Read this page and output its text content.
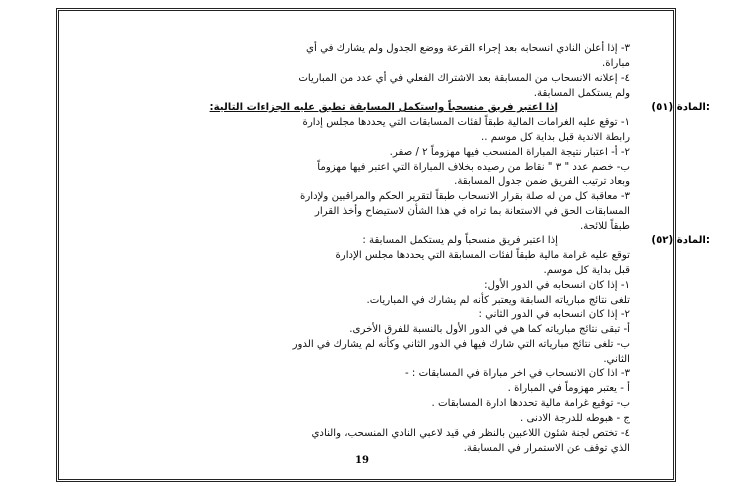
٣- إذا أعلن النادي انسحابه بعد إجراء القرعة ووضع الجدول ولم يشارك في أي
مباراة.
٤- إعلانه الانسحاب من المسابقة بعد الاشتراك الفعلي في أي عدد من المباريات
ولم يستكمل المسابقة.
إذا اعتبر فريق منسحباً واستكمل المسابقة تطبق عليه الجزاءات التالية:
١- توقع عليه الغرامات المالية طبقاً لفئات المسابقات التي يحددها مجلس إدارة
رابطة الاندية قبل بداية كل موسم ..
٢- أ- اعتبار نتيجة المباراة المنسحب فيها مهزوماً ٢ / صفر.
ب- خصم عدد " ٣ " نقاط من رصيده بخلاف المباراة التي اعتبر فيها مهزوماً
وبعاد ترتيب الفريق ضمن جدول المسابقة.
٣- معاقبة كل من له صلة بقرار الانسحاب طبقاً لتقرير الحكم والمراقبين ولإدارة
المسابقات الحق في الاستعانة بما تراه في هذا الشأن لاستيضاح وأخذ القرار
طبقاً للائحة.
إذا اعتبر فريق منسحباً ولم يستكمل المسابقة :
توقع عليه غرامة مالية طبقاً لفئات المسابقة التي يحددها مجلس الإدارة
قبل بداية كل موسم.
١- إذا كان انسحابه في الدور الأول:
تلغى نتائج مبارياته السابقة ويعتبر كأنه لم يشارك في المباريات.
٢- إذا كان انسحابه في الدور الثاني :
أ- تبقى نتائج مبارياته كما هي في الدور الأول بالنسبة للفرق الأخرى.
ب- تلغى نتائج مبارياته التي شارك فيها في الدور الثاني وكأنه لم يشارك في الدور
الثاني.
٣- اذا كان الانسحاب في اخر مباراة في المسابقات : -
أ - يعتبر مهزوماً في المباراة .
ب- توقيع غرامة مالية تحددها ادارة المسابقات .
ج - هبوطه للدرجة الادنى .
٤- تختص لجنة شئون اللاعبين بالنظر في قيد لاعبي النادي المنسحب، والنادي
الذي توقف عن الاستمرار في المسابقة.
المادة (٥١):
المادة (٥٢):
19
